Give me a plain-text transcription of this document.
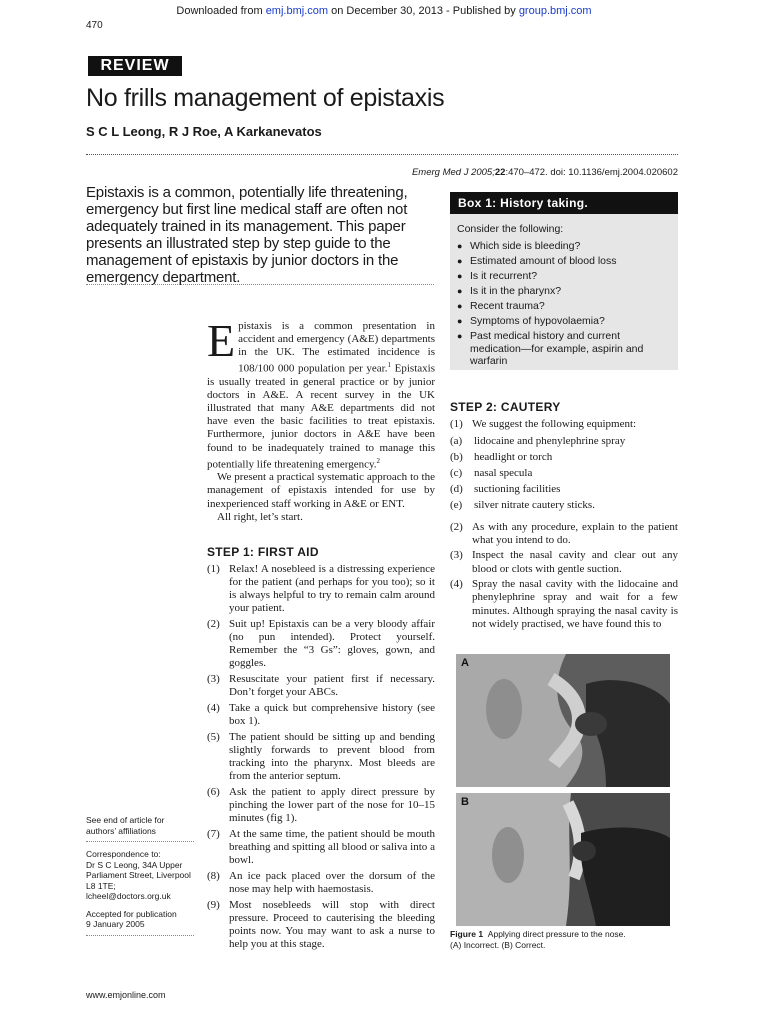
Downloaded from emj.bmj.com on December 30, 2013 - Published by group.bmj.com
470
REVIEW
No frills management of epistaxis
S C L Leong, R J Roe, A Karkanevatos
Emerg Med J 2005;22:470–472. doi: 10.1136/emj.2004.020602
Epistaxis is a common, potentially life threatening, emergency but first line medical staff are often not adequately trained in its management. This paper presents an illustrated step by step guide to the management of epistaxis by junior doctors in the emergency department.
Box 1: History taking.
Consider the following:
● Which side is bleeding?
● Estimated amount of blood loss
● Is it recurrent?
● Is it in the pharynx?
● Recent trauma?
● Symptoms of hypovolaemia?
● Past medical history and current medication—for example, aspirin and warfarin

Epistaxis is a common presentation in accident and emergency (A&E) departments in the UK. The estimated incidence is 108/100 000 population per year.$^1$ Epistaxis is usually treated in general practice or by junior doctors in A&E. A recent survey in the UK illustrated that many A&E departments did not have even the basic facilities to treat epistaxis. Furthermore, junior doctors in A&E have been found to be inadequately trained to manage this potentially life threatening emergency.$^2$

We present a practical systematic approach to the management of epistaxis intended for use by inexperienced staff working in A&E or ENT.

All right, let’s start.

STEP 1: FIRST AID
(1) Relax! A nosebleed is a distressing experience for the patient (and perhaps for you too); so it is always helpful to try to remain calm around your patient.
(2) Suit up! Epistaxis can be a very bloody affair (no pun intended). Protect yourself. Remember the “3 Gs”: gloves, gown, and goggles.
(3) Resuscitate your patient first if necessary. Don’t forget your ABCs.
(4) Take a quick but comprehensive history (see box 1).
(5) The patient should be sitting up and bending slightly forwards to prevent blood from tracking into the pharynx. Most bleeds are from the anterior septum.
(6) Ask the patient to apply direct pressure by pinching the lower part of the nose for 10–15 minutes (fig 1).
(7) At the same time, the patient should be mouth breathing and spitting all blood or saliva into a bowl.
(8) An ice pack placed over the dorsum of the nose may help with haemostasis.
(9) Most nosebleeds will stop with direct pressure. Proceed to cauterising the bleeding points now. You may want to ask a nurse to help you at this stage.
STEP 2: CAUTERY
(1) We suggest the following equipment:
(a)	lidocaine and phenylephrine spray
(b)	headlight or torch
(c)	nasal specula
(d)	suctioning facilities
(e)	silver nitrate cautery sticks.
(2) As with any procedure, explain to the patient what you intend to do.
(3) Inspect the nasal cavity and clear out any blood or clots with gentle suction.
(4) Spray the nasal cavity with the lidocaine and phenylephrine spray and wait for a few minutes. Although spraying the nasal cavity is not widely practised, we have found this to
A
B
Figure 1 Applying direct pressure to the nose.
(A) Incorrect. (B) Correct.
See end of article for authors’ affiliations
Correspondence to:
Dr S C Leong, 34A Upper Parliament Street, Liverpool L8 1TE; lcheel@doctors.org.uk
Accepted for publication
9 January 2005
www.emjonline.com
